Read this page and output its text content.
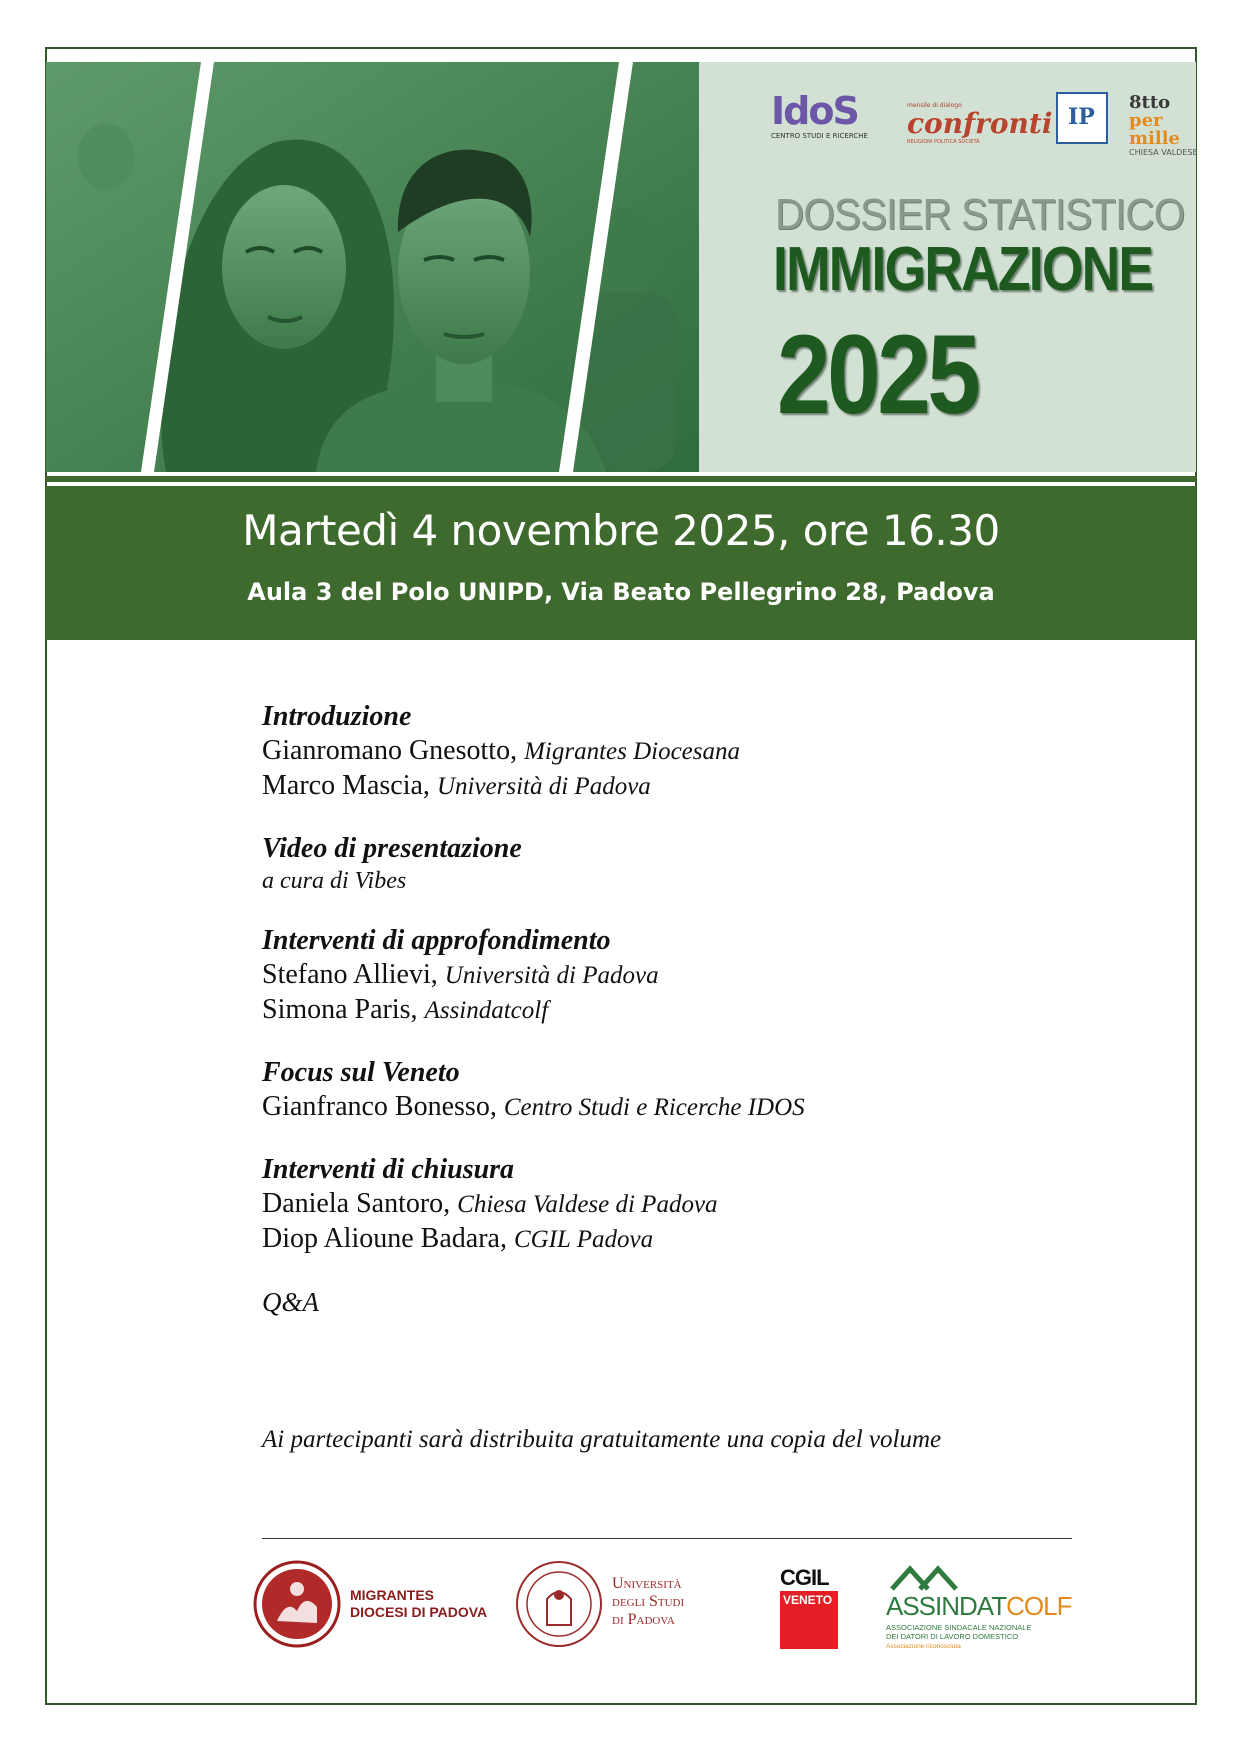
IdoS
CENTRO STUDI E RICERCHE
mensile di dialogo
confronti
RELIGIONI POLITICA SOCIETÀ
IP
8tto
per mille
CHIESA VALDESE
DOSSIER STATISTICO
IMMIGRAZIONE
2025
Martedì 4 novembre 2025, ore 16.30
Aula 3 del Polo UNIPD, Via Beato Pellegrino 28, Padova
Introduzione
Gianromano Gnesotto, Migrantes Diocesana
Marco Mascia, Università di Padova
Video di presentazione
a cura di Vibes
Interventi di approfondimento
Stefano Allievi, Università di Padova
Simona Paris, Assindatcolf
Focus sul Veneto
Gianfranco Bonesso, Centro Studi e Ricerche IDOS
Interventi di chiusura
Daniela Santoro, Chiesa Valdese di Padova
Diop Alioune Badara, CGIL Padova
Q&A
Ai partecipanti sarà distribuita gratuitamente una copia del volume
MIGRANTES
DIOCESI DI PADOVA
Università
degli Studi
di Padova
CGIL
VENETO ASSINDATCOLF
ASSOCIAZIONE SINDACALE NAZIONALE
DEI DATORI DI LAVORO DOMESTICO
Associazione riconosciuta
